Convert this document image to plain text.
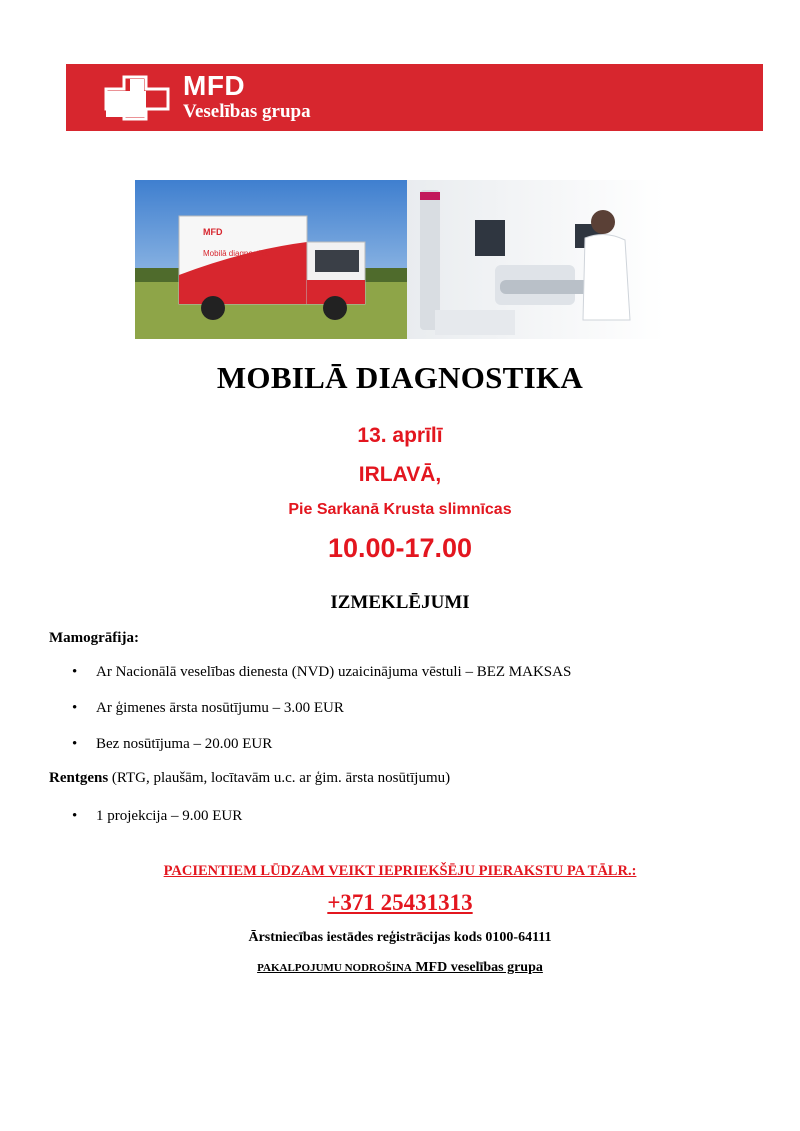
MFD
Veselības grupa
MFD
Mobilā diagnostika
MOBILĀ DIAGNOSTIKA
13. aprīlī
IRLAVĀ,
Pie Sarkanā Krusta slimnīcas
10.00-17.00
IZMEKLĒJUMI
Mamogrāfija:
• Ar Nacionālā veselības dienesta (NVD) uzaicinājuma vēstuli – BEZ MAKSAS
• Ar ģimenes ārsta nosūtījumu – 3.00 EUR
• Bez nosūtījuma – 20.00 EUR
Rentgens (RTG, plaušām, locītavām u.c. ar ģim. ārsta nosūtījumu)
• 1 projekcija – 9.00 EUR
PACIENTIEM LŪDZAM VEIKT IEPRIEKŠĒJU PIERAKSTU PA TĀLR.:
+371 25431313
Ārstniecības iestādes reģistrācijas kods 0100-64111
PAKALPOJUMU NODROŠINA MFD veselības grupa
